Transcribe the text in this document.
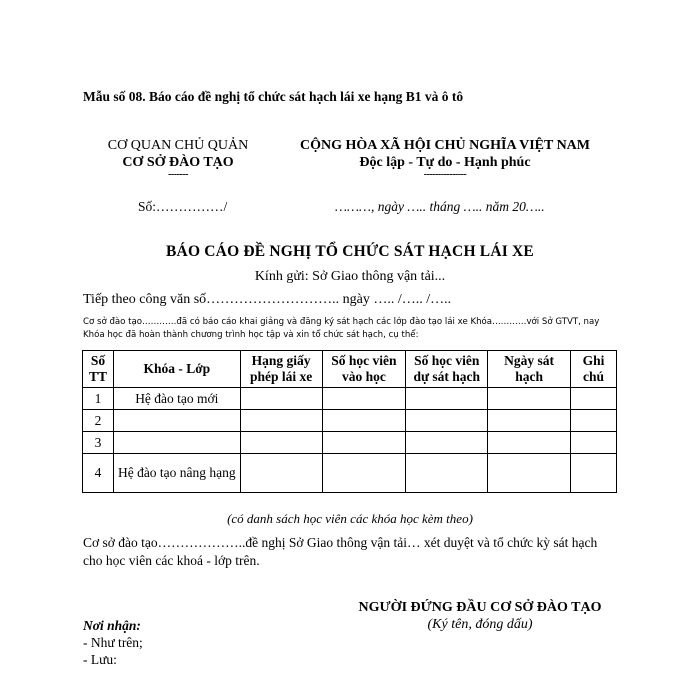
Mẫu số 08. Báo cáo đề nghị tổ chức sát hạch lái xe hạng B1 và ô tô
CƠ QUAN CHỦ QUẢN
CƠ SỞ ĐÀO TẠO
-------
CỘNG HÒA XÃ HỘI CHỦ NGHĨA VIỆT NAM
Độc lập - Tự do - Hạnh phúc
---------------
Số:……………/	………, ngày ….. tháng ….. năm 20…..
BÁO CÁO ĐỀ NGHỊ TỔ CHỨC SÁT HẠCH LÁI XE
Kính gửi: Sở Giao thông vận tải...
Tiếp theo công văn số……………………….. ngày ….. /….. /…..
Cơ sở đào tạo…………đã có báo cáo khai giảng và đăng ký sát hạch các lớp đào tạo lái xe Khóa…………với Sở GTVT, nay Khóa học đã hoàn thành chương trình học tập và xin tổ chức sát hạch, cụ thể:
Số TT	Khóa - Lớp	Hạng giấy phép lái xe	Số học viên vào học	Số học viên dự sát hạch	Ngày sát hạch	Ghi chú
1	Hệ đào tạo mới					
2						
3						
4	Hệ đào tạo nâng hạng					
(có danh sách học viên các khóa học kèm theo)
Cơ sở đào tạo………………..đề nghị Sở Giao thông vận tải… xét duyệt và tổ chức kỳ sát hạch cho học viên các khoá - lớp trên.
Nơi nhận:
- Như trên;
- Lưu:
NGƯỜI ĐỨNG ĐẦU CƠ SỞ ĐÀO TẠO
(Ký tên, đóng dấu)
